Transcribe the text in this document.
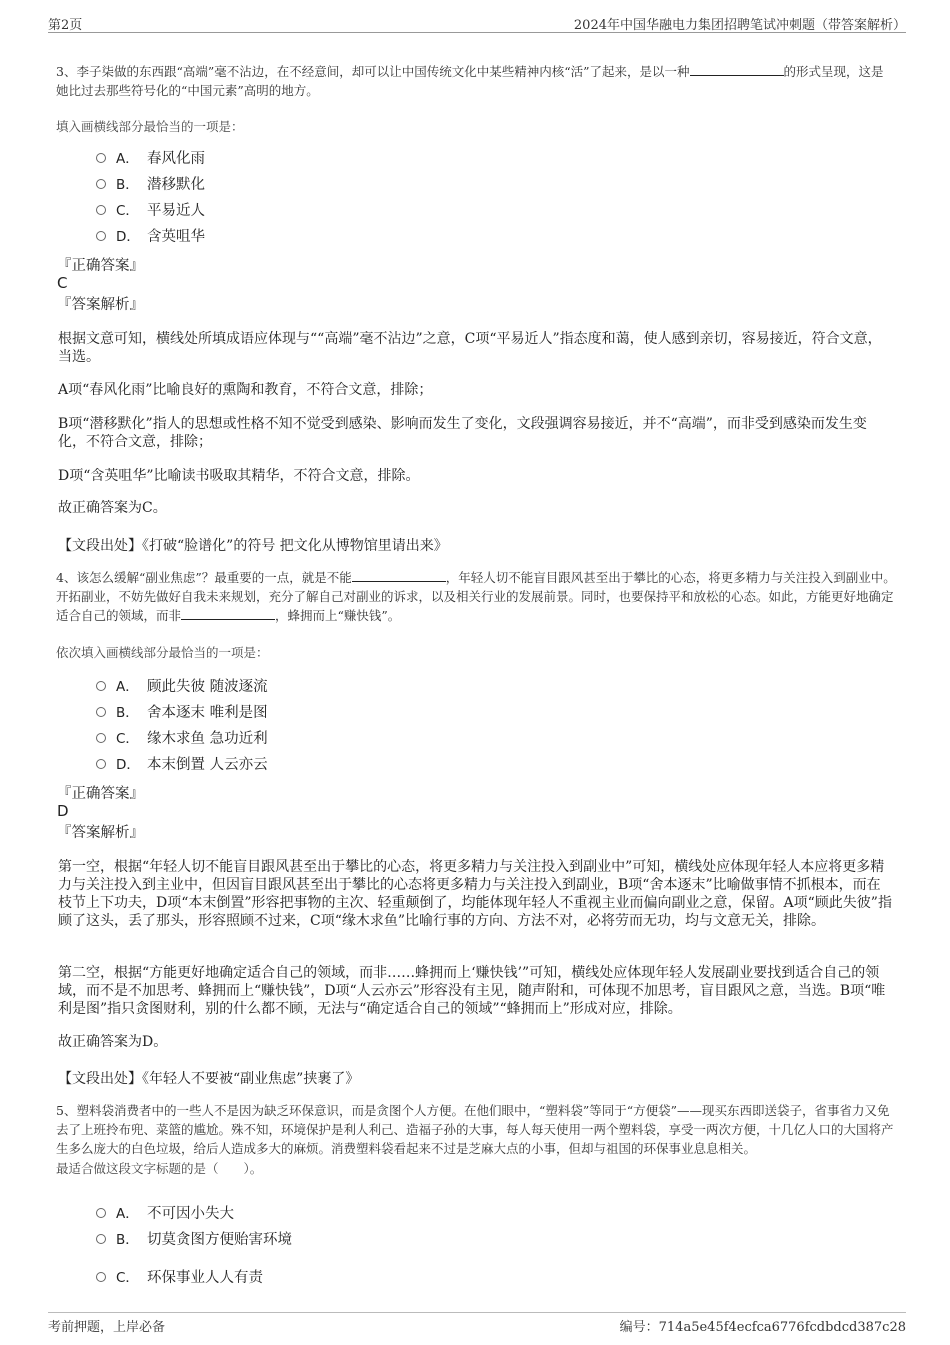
第2页	2024年中国华融电力集团招聘笔试冲刺题（带答案解析）

3、李子柒做的东西跟“高端”毫不沾边，在不经意间，却可以让中国传统文化中某些精神内核“活”了起来，是以一种	的形式呈现，这是她比过去那些符号化的“中国元素”高明的地方。

填入画横线部分最恰当的一项是：

A． 春风化雨
B． 潜移默化
C． 平易近人
D． 含英咀华
『正确答案』
C
『答案解析』

根据文意可知，横线处所填成语应体现与““高端”毫不沾边”之意，C项“平易近人”指态度和蔼，使人感到亲切，容易接近，符合文意，当选。

A项“春风化雨”比喻良好的熏陶和教育，不符合文意，排除；

B项“潜移默化”指人的思想或性格不知不觉受到感染、影响而发生了变化，文段强调容易接近，并不“高端”，而非受到感染而发生变化，不符合文意，排除；

D项“含英咀华”比喻读书吸取其精华，不符合文意，排除。

故正确答案为C。

【文段出处】《打破“脸谱化”的符号 把文化从博物馆里请出来》

4、该怎么缓解“副业焦虑”？最重要的一点，就是不能	，年轻人切不能盲目跟风甚至出于攀比的心态，将更多精力与关注投入到副业中。开拓副业，不妨先做好自我未来规划，充分了解自己对副业的诉求，以及相关行业的发展前景。同时，也要保持平和放松的心态。如此，方能更好地确定适合自己的领域，而非	，蜂拥而上“赚快钱”。

依次填入画横线部分最恰当的一项是：

A． 顾此失彼 随波逐流
B． 舍本逐末 唯利是图
C． 缘木求鱼 急功近利
D． 本末倒置 人云亦云
『正确答案』
D
『答案解析』

第一空，根据“年轻人切不能盲目跟风甚至出于攀比的心态，将更多精力与关注投入到副业中”可知，横线处应体现年轻人本应将更多精力与关注投入到主业中，但因盲目跟风甚至出于攀比的心态将更多精力与关注投入到副业，B项“舍本逐末”比喻做事情不抓根本，而在枝节上下功夫，D项“本末倒置”形容把事物的主次、轻重颠倒了，均能体现年轻人不重视主业而偏向副业之意，保留。A项“顾此失彼”指顾了这头，丢了那头，形容照顾不过来，C项“缘木求鱼”比喻行事的方向、方法不对，必将劳而无功，均与文意无关，排除。

第二空，根据“方能更好地确定适合自己的领域，而非……蜂拥而上‘赚快钱’”可知，横线处应体现年轻人发展副业要找到适合自己的领域，而不是不加思考、蜂拥而上“赚快钱”，D项“人云亦云”形容没有主见，随声附和，可体现不加思考，盲目跟风之意，当选。B项“唯利是图”指只贪图财利，别的什么都不顾，无法与“确定适合自己的领域”“蜂拥而上”形成对应，排除。

故正确答案为D。

【文段出处】《年轻人不要被“副业焦虑”挟裹了》

5、塑料袋消费者中的一些人不是因为缺乏环保意识，而是贪图个人方便。在他们眼中，“塑料袋”等同于“方便袋”——现买东西即送袋子，省事省力又免去了上班拎布兜、菜篮的尴尬。殊不知，环境保护是利人利己、造福子孙的大事，每人每天使用一两个塑料袋，享受一两次方便，十几亿人口的大国将产生多么庞大的白色垃圾，给后人造成多大的麻烦。消费塑料袋看起来不过是芝麻大点的小事，但却与祖国的环保事业息息相关。

最适合做这段文字标题的是（　　）。

A． 不可因小失大
B． 切莫贪图方便贻害环境
C． 环保事业人人有责
考前押题，上岸必备	编号：714a5e45f4ecfca6776fcdbdcd387c28
